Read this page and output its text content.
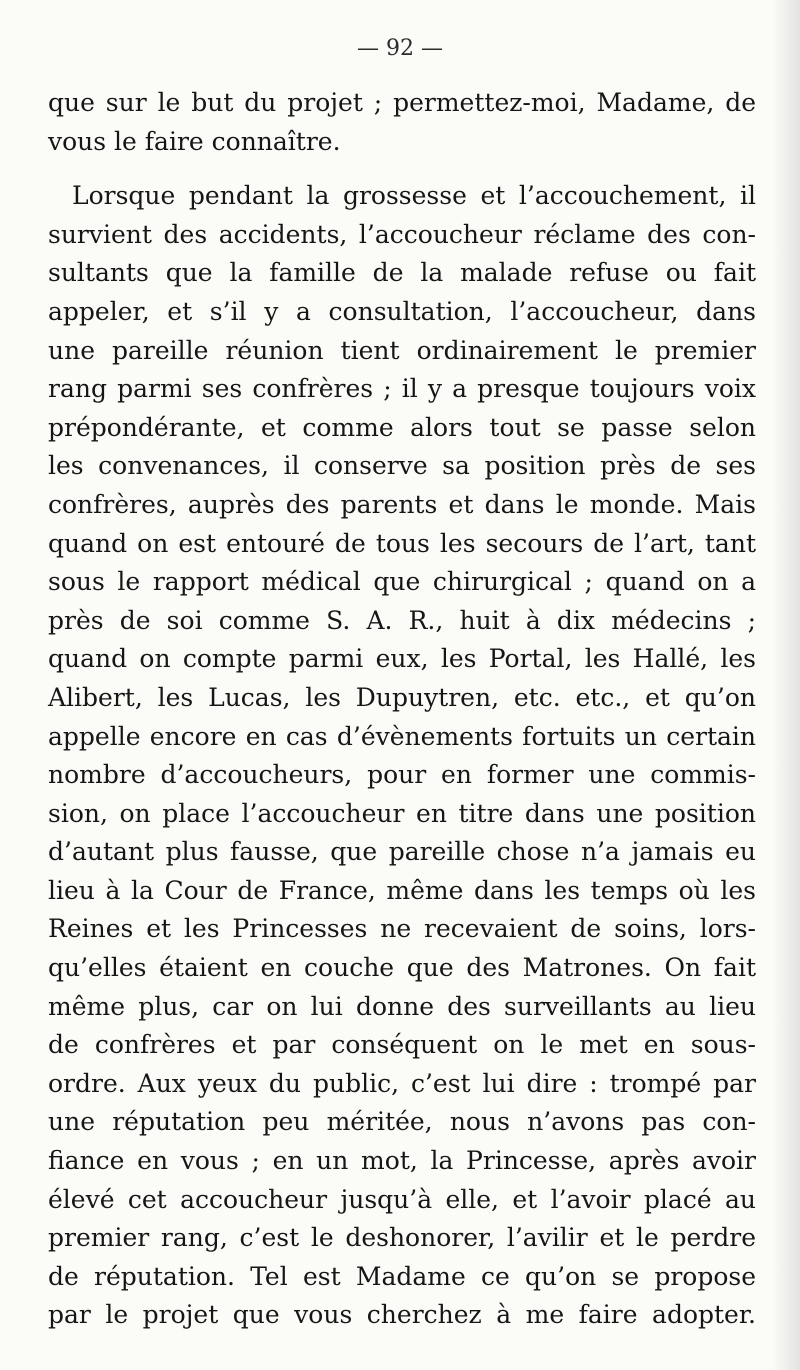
— 92 —
que sur le but du projet ; permettez-moi, Madame, de
vous le faire connaître.
Lorsque pendant la grossesse et l’accouchement, il
survient des accidents, l’accoucheur réclame des con-
sultants que la famille de la malade refuse ou fait
appeler, et s’il y a consultation, l’accoucheur, dans
une pareille réunion tient ordinairement le premier
rang parmi ses confrères ; il y a presque toujours voix
prépondérante, et comme alors tout se passe selon
les convenances, il conserve sa position près de ses
confrères, auprès des parents et dans le monde. Mais
quand on est entouré de tous les secours de l’art, tant
sous le rapport médical que chirurgical ; quand on a
près de soi comme S. A. R., huit à dix médecins ;
quand on compte parmi eux, les Portal, les Hallé, les
Alibert, les Lucas, les Dupuytren, etc. etc., et qu’on
appelle encore en cas d’évènements fortuits un certain
nombre d’accoucheurs, pour en former une commis-
sion, on place l’accoucheur en titre dans une position
d’autant plus fausse, que pareille chose n’a jamais eu
lieu à la Cour de France, même dans les temps où les
Reines et les Princesses ne recevaient de soins, lors-
qu’elles étaient en couche que des Matrones. On fait
même plus, car on lui donne des surveillants au lieu
de confrères et par conséquent on le met en sous-
ordre. Aux yeux du public, c’est lui dire : trompé par
une réputation peu méritée, nous n’avons pas con-
fiance en vous ; en un mot, la Princesse, après avoir
élevé cet accoucheur jusqu’à elle, et l’avoir placé au
premier rang, c’est le deshonorer, l’avilir et le perdre
de réputation. Tel est Madame ce qu’on se propose
par le projet que vous cherchez à me faire adopter.
